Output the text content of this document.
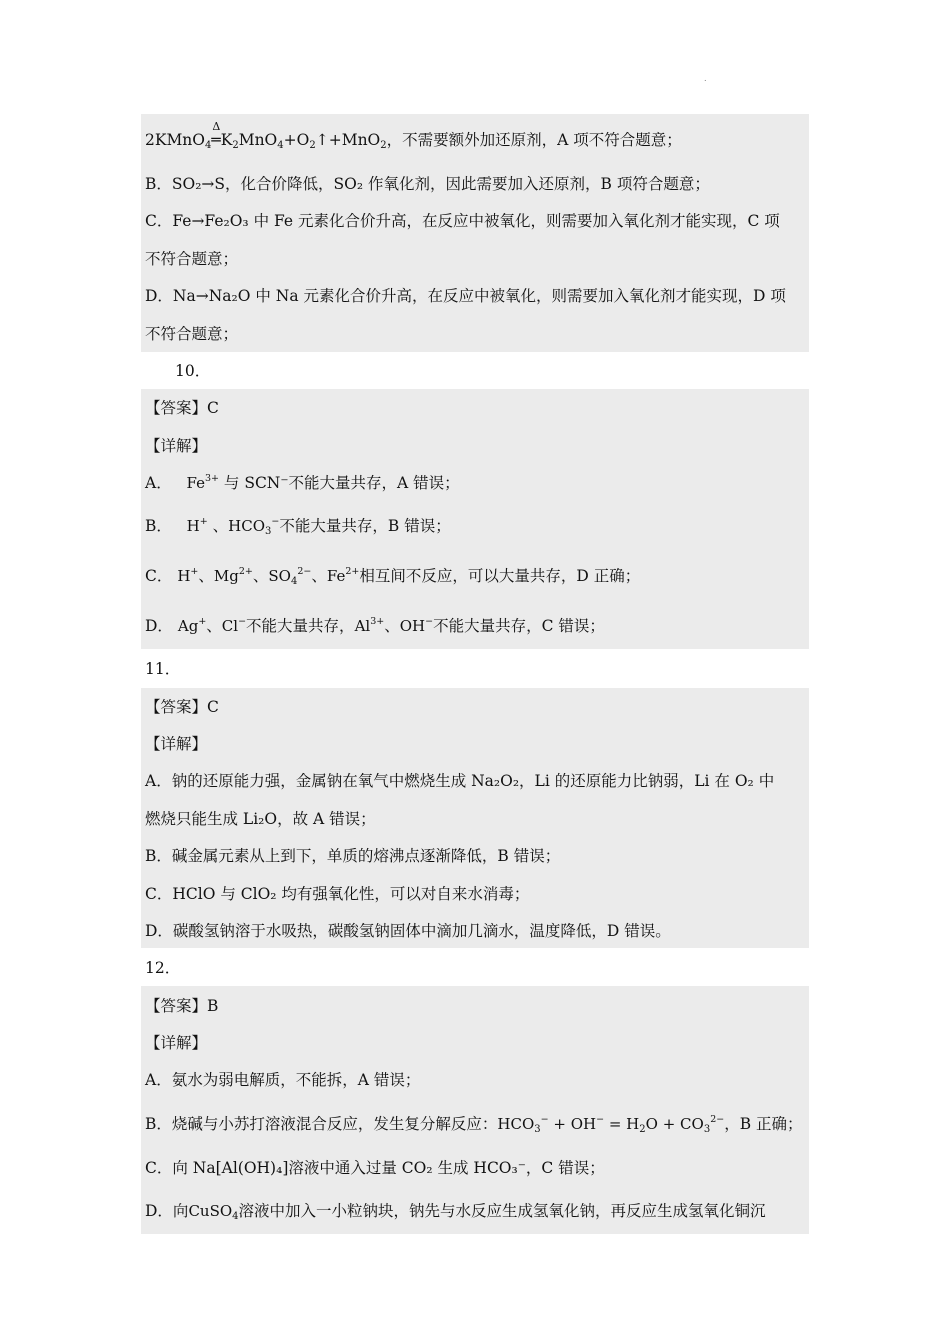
.
2KMnO$_4$
Δ
$═K_2MnO_4+O_2↑+MnO_2$，不需要额外加还原剂，A 项不符合题意；
B．SO₂→S，化合价降低，SO₂ 作氧化剂，因此需要加入还原剂，B 项符合题意；
C．Fe→Fe₂O₃ 中 Fe 元素化合价升高，在反应中被氧化，则需要加入氧化剂才能实现，C 项
不符合题意；
D．Na→Na₂O 中 Na 元素化合价升高，在反应中被氧化，则需要加入氧化剂才能实现，D 项
不符合题意；
10．
【答案】C
【详解】
A． $Fe^{3+}$ 与 SCN⁻不能大量共存，A 错误；
B． H+ 、$HCO_3^-$不能大量共存，B 错误；
C． H+、$Mg^{2+}$、$SO_4^{2-}$、$Fe^{2+}$相互间不反应，可以大量共存，D 正确；
D． Ag+、Cl−不能大量共存，$Al^{3+}$、OH−不能大量共存，C 错误；
11．
【答案】C
【详解】
A．钠的还原能力强，金属钠在氧气中燃烧生成 Na₂O₂，Li 的还原能力比钠弱，Li 在 O₂ 中
燃烧只能生成 Li₂O，故 A 错误；
B．碱金属元素从上到下，单质的熔沸点逐渐降低，B 错误；
C．HClO 与 ClO₂ 均有强氧化性，可以对自来水消毒；
D．碳酸氢钠溶于水吸热，碳酸氢钠固体中滴加几滴水，温度降低，D 错误。
12．
【答案】B
【详解】
A．氨水为弱电解质，不能拆，A 错误；
B．烧碱与小苏打溶液混合反应，发生复分解反应：$HCO_3^- + OH^- = H_2O + CO_3^{2-}$，B 正确；
C．向 Na[Al(OH)₄]溶液中通入过量 CO₂ 生成 HCO₃⁻，C 错误；
D．向CuSO$_4$溶液中加入一小粒钠块，钠先与水反应生成氢氧化钠，再反应生成氢氧化铜沉
